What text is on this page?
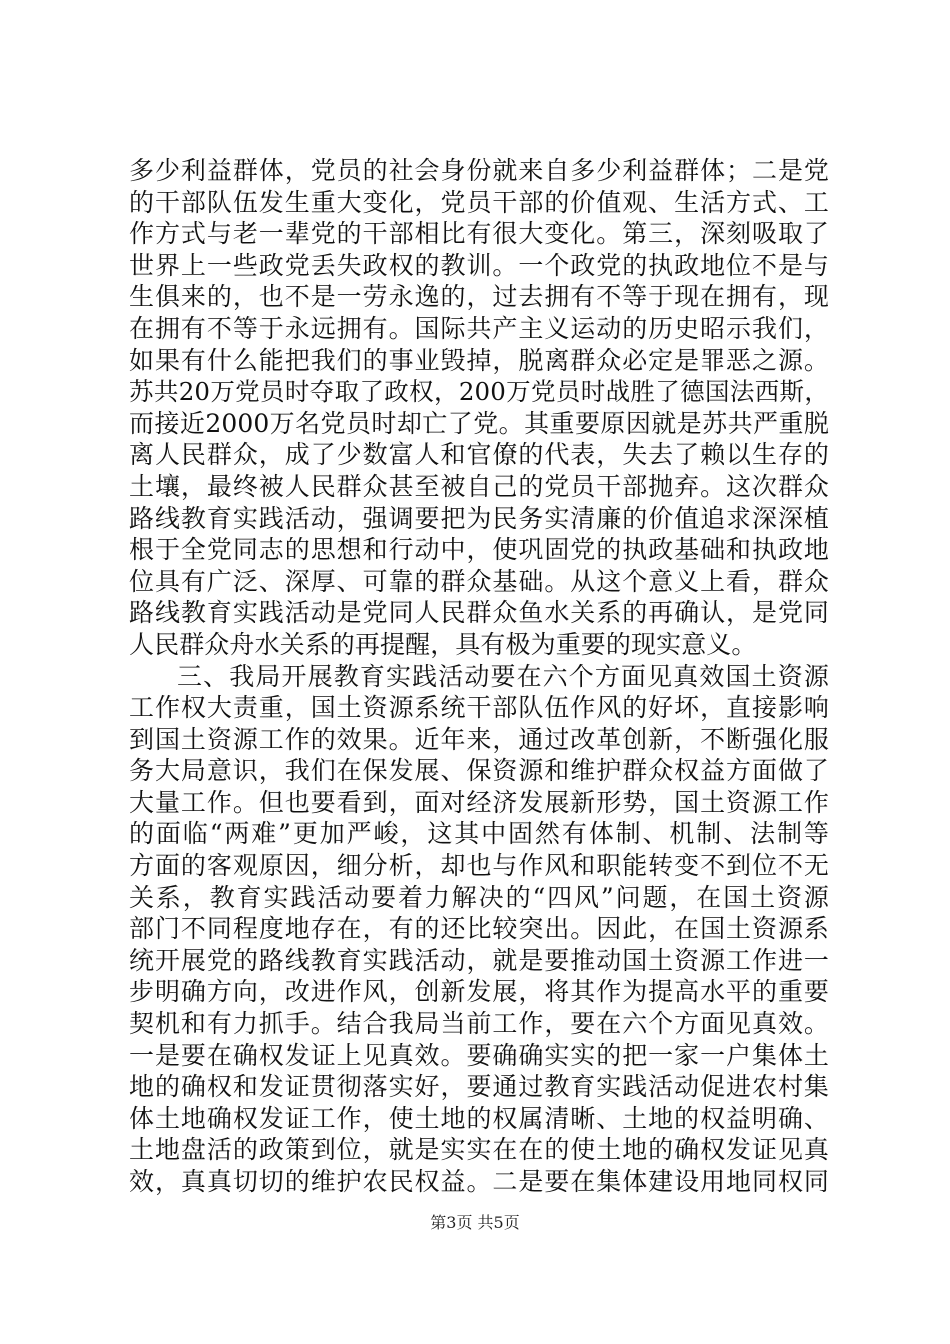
多少利益群体，党员的社会身份就来自多少利益群体；二是党
的干部队伍发生重大变化，党员干部的价值观、生活方式、工
作方式与老一辈党的干部相比有很大变化。第三，深刻吸取了
世界上一些政党丢失政权的教训。一个政党的执政地位不是与
生俱来的，也不是一劳永逸的，过去拥有不等于现在拥有，现
在拥有不等于永远拥有。国际共产主义运动的历史昭示我们，
如果有什么能把我们的事业毁掉，脱离群众必定是罪恶之源。
苏共20万党员时夺取了政权，200万党员时战胜了德国法西斯，
而接近2000万名党员时却亡了党。其重要原因就是苏共严重脱
离人民群众，成了少数富人和官僚的代表，失去了赖以生存的
土壤，最终被人民群众甚至被自己的党员干部抛弃。这次群众
路线教育实践活动，强调要把为民务实清廉的价值追求深深植
根于全党同志的思想和行动中，使巩固党的执政基础和执政地
位具有广泛、深厚、可靠的群众基础。从这个意义上看，群众
路线教育实践活动是党同人民群众鱼水关系的再确认，是党同
人民群众舟水关系的再提醒，具有极为重要的现实意义。
三、我局开展教育实践活动要在六个方面见真效国土资源
工作权大责重，国土资源系统干部队伍作风的好坏，直接影响
到国土资源工作的效果。近年来，通过改革创新，不断强化服
务大局意识，我们在保发展、保资源和维护群众权益方面做了
大量工作。但也要看到，面对经济发展新形势，国土资源工作
的面临“两难”更加严峻，这其中固然有体制、机制、法制等
方面的客观原因，细分析，却也与作风和职能转变不到位不无
关系，教育实践活动要着力解决的“四风”问题，在国土资源
部门不同程度地存在，有的还比较突出。因此，在国土资源系
统开展党的路线教育实践活动，就是要推动国土资源工作进一
步明确方向，改进作风，创新发展，将其作为提高水平的重要
契机和有力抓手。结合我局当前工作，要在六个方面见真效。
一是要在确权发证上见真效。要确确实实的把一家一户集体土
地的确权和发证贯彻落实好，要通过教育实践活动促进农村集
体土地确权发证工作，使土地的权属清晰、土地的权益明确、
土地盘活的政策到位，就是实实在在的使土地的确权发证见真
效，真真切切的维护农民权益。二是要在集体建设用地同权同
第3页 共5页
